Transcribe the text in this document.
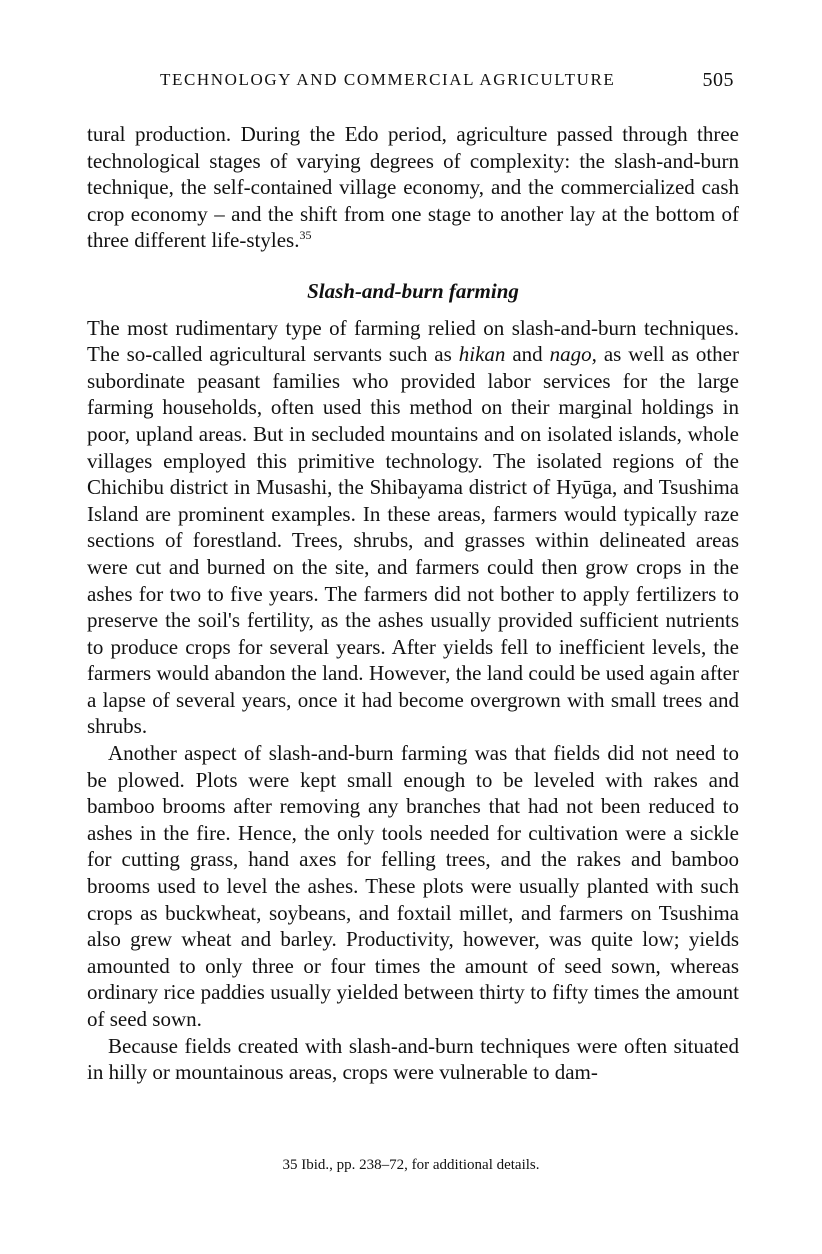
TECHNOLOGY AND COMMERCIAL AGRICULTURE	505

tural production. During the Edo period, agriculture passed through three technological stages of varying degrees of complexity: the slash-and-burn technique, the self-contained village economy, and the commercialized cash crop economy – and the shift from one stage to another lay at the bottom of three different life-styles.$^{35}$

Slash-and-burn farming

The most rudimentary type of farming relied on slash-and-burn techniques. The so-called agricultural servants such as hikan and nago, as well as other subordinate peasant families who provided labor services for the large farming households, often used this method on their marginal holdings in poor, upland areas. But in secluded mountains and on isolated islands, whole villages employed this primitive technology. The isolated regions of the Chichibu district in Musashi, the Shibayama district of Hyūga, and Tsushima Island are prominent examples. In these areas, farmers would typically raze sections of forestland. Trees, shrubs, and grasses within delineated areas were cut and burned on the site, and farmers could then grow crops in the ashes for two to five years. The farmers did not bother to apply fertilizers to preserve the soil's fertility, as the ashes usually provided sufficient nutrients to produce crops for several years. After yields fell to inefficient levels, the farmers would abandon the land. However, the land could be used again after a lapse of several years, once it had become overgrown with small trees and shrubs.

Another aspect of slash-and-burn farming was that fields did not need to be plowed. Plots were kept small enough to be leveled with rakes and bamboo brooms after removing any branches that had not been reduced to ashes in the fire. Hence, the only tools needed for cultivation were a sickle for cutting grass, hand axes for felling trees, and the rakes and bamboo brooms used to level the ashes. These plots were usually planted with such crops as buckwheat, soybeans, and foxtail millet, and farmers on Tsushima also grew wheat and barley. Productivity, however, was quite low; yields amounted to only three or four times the amount of seed sown, whereas ordinary rice paddies usually yielded between thirty to fifty times the amount of seed sown.

Because fields created with slash-and-burn techniques were often situated in hilly or mountainous areas, crops were vulnerable to dam-

35 Ibid., pp. 238–72, for additional details.
